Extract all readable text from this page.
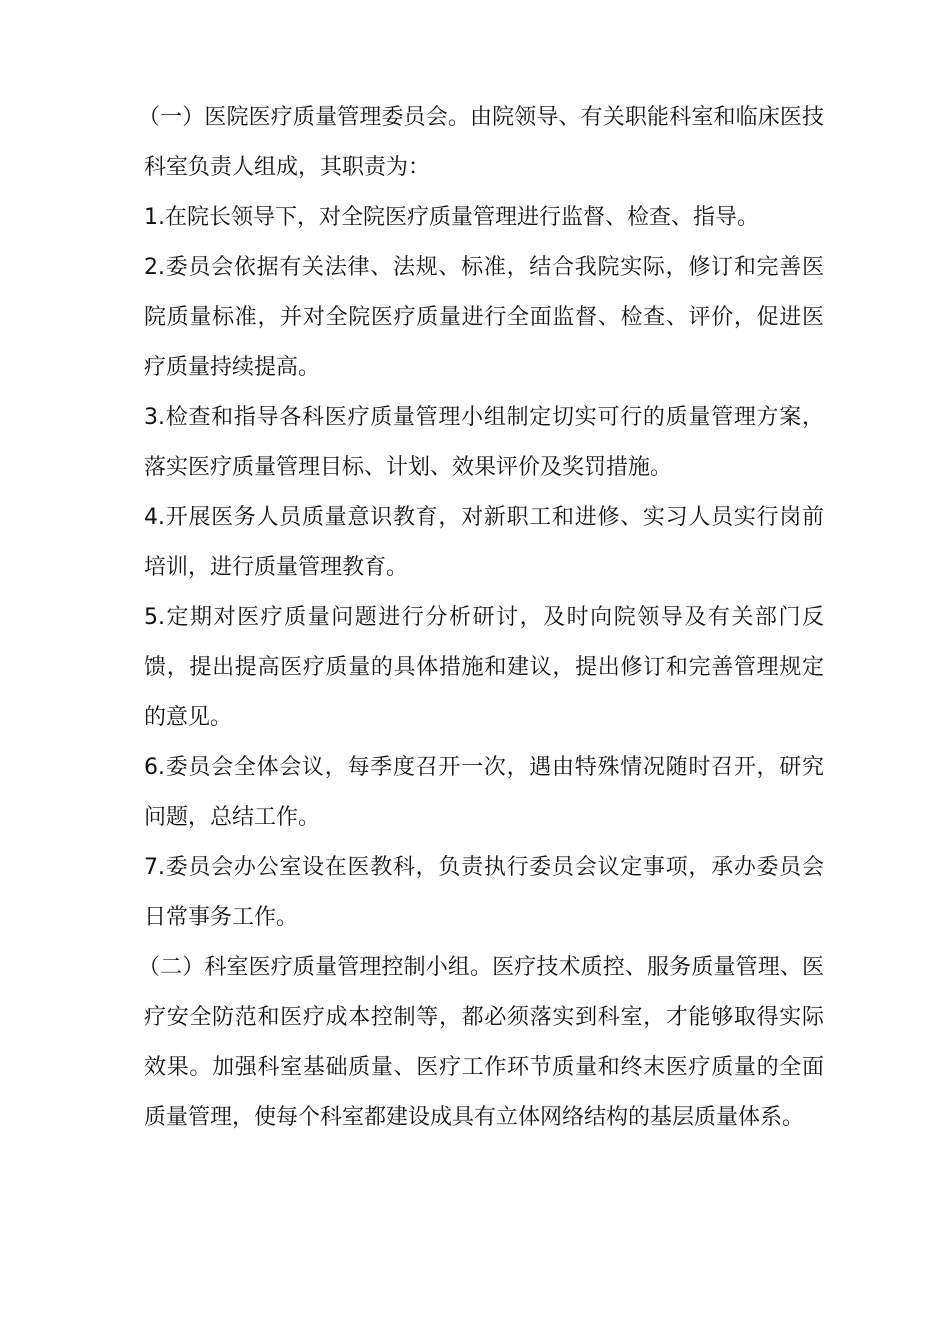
（一）医院医疗质量管理委员会。由院领导、有关职能科室和临床医技科室负责人组成，其职责为：

1.在院长领导下，对全院医疗质量管理进行监督、检查、指导。

2.委员会依据有关法律、法规、标准，结合我院实际，修订和完善医院质量标准，并对全院医疗质量进行全面监督、检查、评价，促进医疗质量持续提高。

3.检查和指导各科医疗质量管理小组制定切实可行的质量管理方案，落实医疗质量管理目标、计划、效果评价及奖罚措施。

4.开展医务人员质量意识教育，对新职工和进修、实习人员实行岗前培训，进行质量管理教育。

5.定期对医疗质量问题进行分析研讨，及时向院领导及有关部门反馈，提出提高医疗质量的具体措施和建议，提出修订和完善管理规定的意见。

6.委员会全体会议，每季度召开一次，遇由特殊情况随时召开，研究问题，总结工作。

7.委员会办公室设在医教科，负责执行委员会议定事项，承办委员会日常事务工作。

（二）科室医疗质量管理控制小组。医疗技术质控、服务质量管理、医疗安全防范和医疗成本控制等，都必须落实到科室，才能够取得实际效果。加强科室基础质量、医疗工作环节质量和终末医疗质量的全面质量管理，使每个科室都建设成具有立体网络结构的基层质量体系。
